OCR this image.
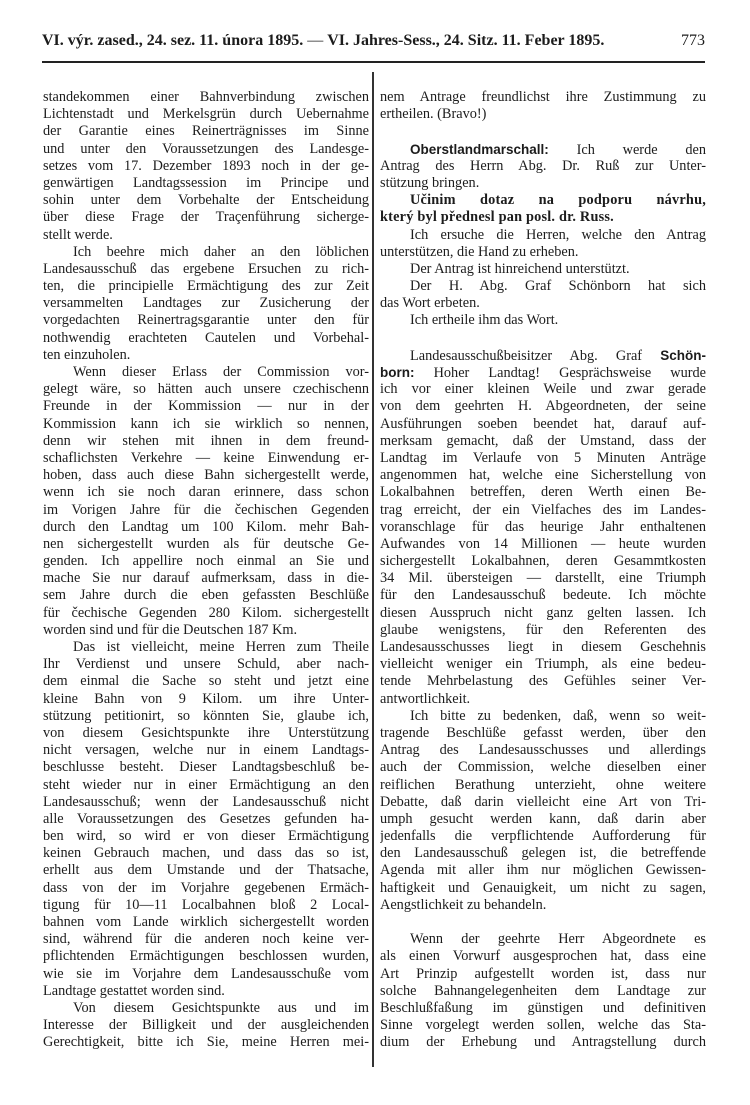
VI. výr. zased., 24. sez. 11. února 1895. — VI. Jahres-Sess., 24. Sitz. 11. Feber 1895.	773
standekommen einer Bahnverbindung zwischen
Lichtenstadt und Merkelsgrün durch Uebernahme
der Garantie eines Reinerträgnisses im Sinne
und unter den Voraussetzungen des Landesge-
setzes vom 17. Dezember 1893 noch in der ge-
genwärtigen Landtagssession im Principe und
sohin unter dem Vorbehalte der Entscheidung
über diese Frage der Traçenführung sicherge-
stellt werde.
Ich beehre mich daher an den löblichen
Landesausschuß das ergebene Ersuchen zu rich-
ten, die principielle Ermächtigung des zur Zeit
versammelten Landtages zur Zusicherung der
vorgedachten Reinertragsgarantie unter den für
nothwendig erachteten Cautelen und Vorbehal-
ten einzuholen.
Wenn dieser Erlass der Commission vor-
gelegt wäre, so hätten auch unsere czechischenn
Freunde in der Kommission — nur in der
Kommission kann ich sie wirklich so nennen,
denn wir stehen mit ihnen in dem freund-
schaflichsten Verkehre — keine Einwendung er-
hoben, dass auch diese Bahn sichergestellt werde,
wenn ich sie noch daran erinnere, dass schon
im Vorigen Jahre für die čechischen Gegenden
durch den Landtag um 100 Kilom. mehr Bah-
nen sichergestellt wurden als für deutsche Ge-
genden. Ich appellire noch einmal an Sie und
mache Sie nur darauf aufmerksam, dass in die-
sem Jahre durch die eben gefassten Beschlüße
für čechische Gegenden 280 Kilom. sichergestellt
worden sind und für die Deutschen 187 Km.
Das ist vielleicht, meine Herren zum Theile
Ihr Verdienst und unsere Schuld, aber nach-
dem einmal die Sache so steht und jetzt eine
kleine Bahn von 9 Kilom. um ihre Unter-
stützung petitionirt, so könnten Sie, glaube ich,
von diesem Gesichtspunkte ihre Unterstützung
nicht versagen, welche nur in einem Landtags-
beschlusse besteht. Dieser Landtagsbeschluß be-
steht wieder nur in einer Ermächtigung an den
Landesausschuß; wenn der Landesausschuß nicht
alle Voraussetzungen des Gesetzes gefunden ha-
ben wird, so wird er von dieser Ermächtigung
keinen Gebrauch machen, und dass das so ist,
erhellt aus dem Umstande und der Thatsache,
dass von der im Vorjahre gegebenen Ermäch-
tigung für 10—11 Localbahnen bloß 2 Local-
bahnen vom Lande wirklich sichergestellt worden
sind, während für die anderen noch keine ver-
pflichtenden Ermächtigungen beschlossen wurden,
wie sie im Vorjahre dem Landesausschuße vom
Landtage gestattet worden sind.
Von diesem Gesichtspunkte aus und im
Interesse der Billigkeit und der ausgleichenden
Gerechtigkeit, bitte ich Sie, meine Herren mei-
nem Antrage freundlichst ihre Zustimmung zu
ertheilen. (Bravo!)
Oberstlandmarschall: Ich werde den
Antrag des Herrn Abg. Dr. Ruß zur Unter-
stützung bringen.
Učinim dotaz na podporu návrhu,
který byl přednesl pan posl. dr. Russ.
Ich ersuche die Herren, welche den Antrag
unterstützen, die Hand zu erheben.
Der Antrag ist hinreichend unterstützt.
Der H. Abg. Graf Schönborn hat sich
das Wort erbeten.
Ich ertheile ihm das Wort.
Landesausschußbeisitzer Abg. Graf Schön-
born: Hoher Landtag! Gesprächsweise wurde
ich vor einer kleinen Weile und zwar gerade
von dem geehrten H. Abgeordneten, der seine
Ausführungen soeben beendet hat, darauf auf-
merksam gemacht, daß der Umstand, dass der
Landtag im Verlaufe von 5 Minuten Anträge
angenommen hat, welche eine Sicherstellung von
Lokalbahnen betreffen, deren Werth einen Be-
trag erreicht, der ein Vielfaches des im Landes-
voranschlage für das heurige Jahr enthaltenen
Aufwandes von 14 Millionen — heute wurden
sichergestellt Lokalbahnen, deren Gesammtkosten
34 Mil. übersteigen — darstellt, eine Triumph
für den Landesausschuß bedeute. Ich möchte
diesen Ausspruch nicht ganz gelten lassen. Ich
glaube wenigstens, für den Referenten des
Landesausschusses liegt in diesem Geschehnis
vielleicht weniger ein Triumph, als eine bedeu-
tende Mehrbelastung des Gefühles seiner Ver-
antwortlichkeit.
Ich bitte zu bedenken, daß, wenn so weit-
tragende Beschlüße gefasst werden, über den
Antrag des Landesausschusses und allerdings
auch der Commission, welche dieselben einer
reiflichen Berathung unterzieht, ohne weitere
Debatte, daß darin vielleicht eine Art von Tri-
umph gesucht werden kann, daß darin aber
jedenfalls die verpflichtende Aufforderung für
den Landesausschuß gelegen ist, die betreffende
Agenda mit aller ihm nur möglichen Gewissen-
haftigkeit und Genauigkeit, um nicht zu sagen,
Aengstlichkeit zu behandeln.
Wenn der geehrte Herr Abgeordnete es
als einen Vorwurf ausgesprochen hat, dass eine
Art Prinzip aufgestellt worden ist, dass nur
solche Bahnangelegenheiten dem Landtage zur
Beschlußfaßung im günstigen und definitiven
Sinne vorgelegt werden sollen, welche das Sta-
dium der Erhebung und Antragstellung durch
